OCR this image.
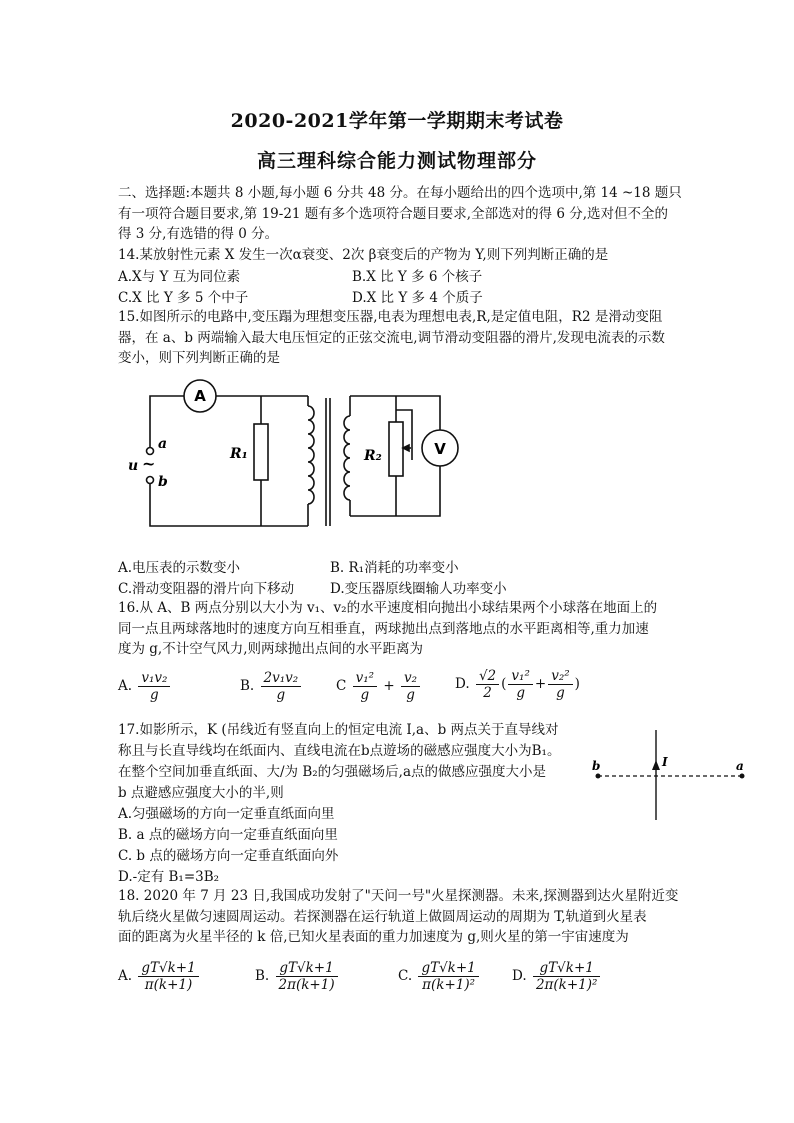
2020-2021学年第一学期期末考试卷
高三理科综合能力测试物理部分
二、选择题:本题共 8 小题,每小题 6 分共 48 分。在每小题给出的四个选项中,第 14 ~18 题只
有一项符合题目要求,第 19-21 题有多个选项符合题目要求,全部选对的得 6 分,选对但不全的
得 3 分,有选错的得 0 分。
14.某放射性元素 X 发生一次α衰变、2次 β衰变后的产物为 Y,则下列判断正确的是
A.X与 Y 互为同位素	B.X 比 Y 多 6 个核子
C.X 比 Y 多 5 个中子	D.X 比 Y 多 4 个质子
15.如图所示的电路中,变压蹋为理想变压器,电表为理想电表,R,是定值电阻，R2 是滑动变阻
器，在 a、b 两端输入最大电压恒定的正弦交流电,调节滑动变阻器的滑片,发现电流表的示数
变小，则下列判断正确的是
A
V
R₁	R₂
a
b
u ~
A.电压表的示数变小	B. R₁消耗的功率变小
C.滑动变阻器的滑片向下移动	D.变压器原线圈输人功率变小
16.从 A、B 两点分别以大小为 v₁、v₂的水平速度相向抛出小球结果两个小球落在地面上的
同一点且两球落地时的速度方向互相垂直，两球抛出点到落地点的水平距离相等,重力加速
度为 g,不计空气风力,则两球抛出点间的水平距离为
A. $\frac{\text{v₁v₂}}{g}$	B. $\frac{\text{2v₁v₂}}{g}$	C $\frac{\text{v₁²}}{g} + \frac{\text{v₂}}{g}$	D. $\frac{√2}{2}$ ( $\frac{\text{v₁²}}{g} + \frac{\text{v₂²}}{g}$ )
17.如影所示，K (吊线近有竖直向上的恒定电流 I,a、b 两点关于直导线对
称且与长直导线均在纸面内、直线电流在b点遊场的磁感应强度大小为B₁。
在整个空间加垂直纸面、大/为 B₂的匀强磁场后,a点的做感应强度大小是
b 点避感应强度大小的半,则
A.匀强磁场的方向一定垂直纸面向里
B. a 点的磁场方向一定垂直纸面向里
C. b 点的磁场方向一定垂直纸面向外
D.-定有 B₁=3B₂
b	a
I
18. 2020 年 7 月 23 日,我国成功发射了"天问一号"火星探测器。未来,探测器到达火星附近变
轨后绕火星做匀速圆周运动。若探测器在运行轨道上做圆周运动的周期为 T,轨道到火星表
面的距离为火星半径的 k 倍,已知火星表面的重力加速度为 g,则火星的第一宇宙速度为
A. $\frac{gT√k+1}{\pi(k+1)}$	B. $\frac{gT√k+1}{2\pi(k+1)}$	C. $\frac{gT√k+1}{\text{π(k+1)²}} D$. $\frac{gT√k+1}{\text{2π(k+1)²}}$
